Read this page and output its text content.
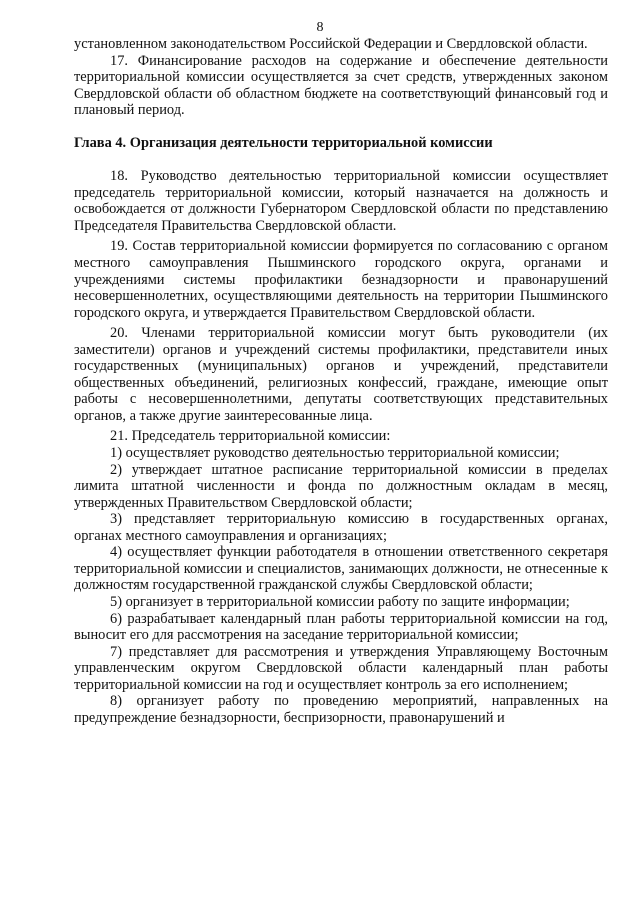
8
установленном законодательством Российской Федерации и Свердловской области.
17. Финансирование расходов на содержание и обеспечение деятельности территориальной комиссии осуществляется за счет средств, утвержденных законом Свердловской области об областном бюджете на соответствующий финансовый год и плановый период.
Глава 4. Организация деятельности территориальной комиссии
18. Руководство деятельностью территориальной комиссии осуществляет председатель территориальной комиссии, который назначается на должность и освобождается от должности Губернатором Свердловской области по представлению Председателя Правительства Свердловской области.
19. Состав территориальной комиссии формируется по согласованию с органом местного самоуправления Пышминского городского округа, органами и учреждениями системы профилактики безнадзорности и правонарушений несовершеннолетних, осуществляющими деятельность на территории Пышминского городского округа, и утверждается Правительством Свердловской области.
20. Членами территориальной комиссии могут быть руководители (их заместители) органов и учреждений системы профилактики, представители иных государственных (муниципальных) органов и учреждений, представители общественных объединений, религиозных конфессий, граждане, имеющие опыт работы с несовершеннолетними, депутаты соответствующих представительных органов, а также другие заинтересованные лица.
21. Председатель территориальной комиссии:
1) осуществляет руководство деятельностью территориальной комиссии;
2) утверждает штатное расписание территориальной комиссии в пределах лимита штатной численности и фонда по должностным окладам в месяц, утвержденных Правительством Свердловской области;
3) представляет территориальную комиссию в государственных органах, органах местного самоуправления и организациях;
4) осуществляет функции работодателя в отношении ответственного секретаря территориальной комиссии и специалистов, занимающих должности, не отнесенные к должностям государственной гражданской службы Свердловской области;
5) организует в территориальной комиссии работу по защите информации;
6) разрабатывает календарный план работы территориальной комиссии на год, выносит его для рассмотрения на заседание территориальной комиссии;
7) представляет для рассмотрения и утверждения Управляющему Восточным управленческим округом Свердловской области календарный план работы территориальной комиссии на год и осуществляет контроль за его исполнением;
8) организует работу по проведению мероприятий, направленных на предупреждение безнадзорности, беспризорности, правонарушений и
